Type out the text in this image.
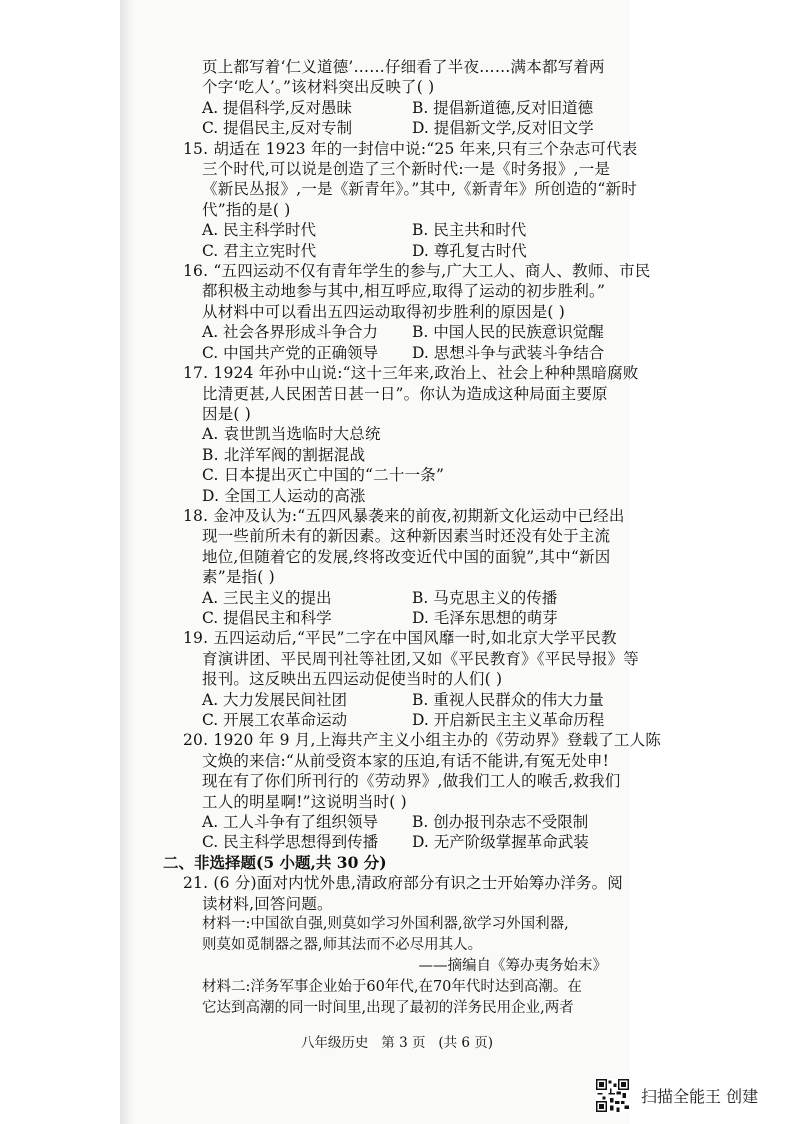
页上都写着‘仁义道德’……仔细看了半夜……满本都写着两
个字‘吃人’。”该材料突出反映了( )
A. 提倡科学,反对愚昧	B. 提倡新道德,反对旧道德
C. 提倡民主,反对专制	D. 提倡新文学,反对旧文学
15. 胡适在 1923 年的一封信中说:“25 年来,只有三个杂志可代表
三个时代,可以说是创造了三个新时代:一是《时务报》,一是
《新民丛报》,一是《新青年》。”其中,《新青年》所创造的“新时
代”指的是( )
A. 民主科学时代	B. 民主共和时代
C. 君主立宪时代	D. 尊孔复古时代
16. “五四运动不仅有青年学生的参与,广大工人、商人、教师、市民
都积极主动地参与其中,相互呼应,取得了运动的初步胜利。”
从材料中可以看出五四运动取得初步胜利的原因是( )
A. 社会各界形成斗争合力	B. 中国人民的民族意识觉醒
C. 中国共产党的正确领导	D. 思想斗争与武装斗争结合
17. 1924 年孙中山说:“这十三年来,政治上、社会上种种黑暗腐败
比清更甚,人民困苦日甚一日”。你认为造成这种局面主要原
因是( )
A. 袁世凯当选临时大总统
B. 北洋军阀的割据混战
C. 日本提出灭亡中国的“二十一条”
D. 全国工人运动的高涨
18. 金冲及认为:“五四风暴袭来的前夜,初期新文化运动中已经出
现一些前所未有的新因素。这种新因素当时还没有处于主流
地位,但随着它的发展,终将改变近代中国的面貌”,其中“新因
素”是指( )
A. 三民主义的提出	B. 马克思主义的传播
C. 提倡民主和科学	D. 毛泽东思想的萌芽
19. 五四运动后,“平民”二字在中国风靡一时,如北京大学平民教
育演讲团、平民周刊社等社团,又如《平民教育》《平民导报》等
报刊。这反映出五四运动促使当时的人们( )
A. 大力发展民间社团	B. 重视人民群众的伟大力量
C. 开展工农革命运动	D. 开启新民主主义革命历程
20. 1920 年 9 月,上海共产主义小组主办的《劳动界》登载了工人陈
文焕的来信:“从前受资本家的压迫,有话不能讲,有冤无处申!
现在有了你们所刊行的《劳动界》,做我们工人的喉舌,救我们
工人的明星啊!”这说明当时( )
A. 工人斗争有了组织领导	B. 创办报刊杂志不受限制
C. 民主科学思想得到传播	D. 无产阶级掌握革命武装
二、非选择题(5 小题,共 30 分)
21. (6 分)面对内忧外患,清政府部分有识之士开始筹办洋务。阅
读材料,回答问题。
材料一:中国欲自强,则莫如学习外国利器,欲学习外国利器,
则莫如觅制器之器,师其法而不必尽用其人。
——摘编自《筹办夷务始末》
材料二:洋务军事企业始于60年代,在70年代时达到高潮。在
它达到高潮的同一时间里,出现了最初的洋务民用企业,两者
八年级历史   第 3 页   (共 6 页)
扫描全能王 创建
